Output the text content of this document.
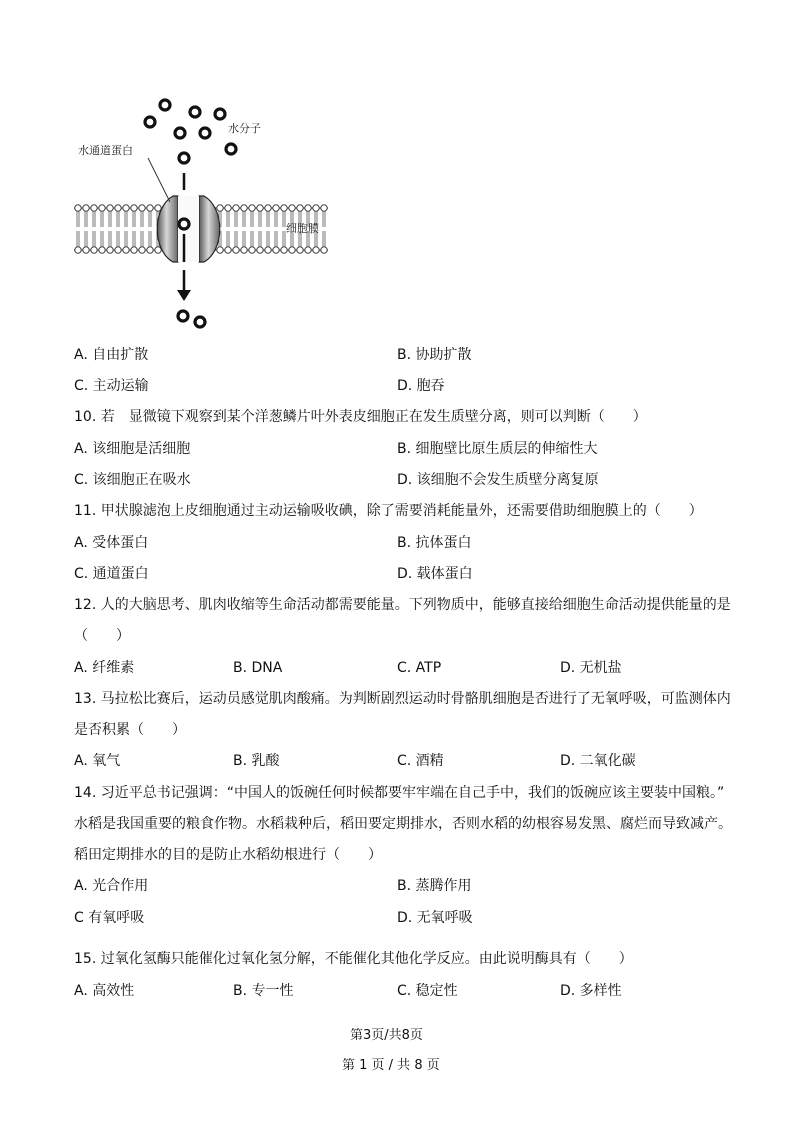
水通道蛋白
水分子
细胞膜
A. 自由扩散	B. 协助扩散
C. 主动运输	D. 胞吞
10. 若　显微镜下观察到某个洋葱鳞片叶外表皮细胞正在发生质壁分离，则可以判断（　　）
A. 该细胞是活细胞	B. 细胞壁比原生质层的伸缩性大
C. 该细胞正在吸水	D. 该细胞不会发生质壁分离复原
11. 甲状腺滤泡上皮细胞通过主动运输吸收碘，除了需要消耗能量外，还需要借助细胞膜上的（　　）
A. 受体蛋白	B. 抗体蛋白
C. 通道蛋白	D. 载体蛋白
12. 人的大脑思考、肌肉收缩等生命活动都需要能量。下列物质中，能够直接给细胞生命活动提供能量的是
（　　）
A. 纤维素	B. DNA	C. ATP	D. 无机盐
13. 马拉松比赛后，运动员感觉肌肉酸痛。为判断剧烈运动时骨骼肌细胞是否进行了无氧呼吸，可监测体内
是否积累（　　）
A. 氧气	B. 乳酸	C. 酒精	D. 二氧化碳
14. 习近平总书记强调：“中国人的饭碗任何时候都要牢牢端在自己手中，我们的饭碗应该主要装中国粮。”
水稻是我国重要的粮食作物。水稻栽种后，稻田要定期排水，否则水稻的幼根容易发黑、腐烂而导致减产。
稻田定期排水的目的是防止水稻幼根进行（　　）
A. 光合作用	B. 蒸腾作用
C 有氧呼吸	D. 无氧呼吸
15. 过氧化氢酶只能催化过氧化氢分解，不能催化其他化学反应。由此说明酶具有（　　）
A. 高效性	B. 专一性	C. 稳定性	D. 多样性
第3页/共8页
第 1 页 / 共 8 页
